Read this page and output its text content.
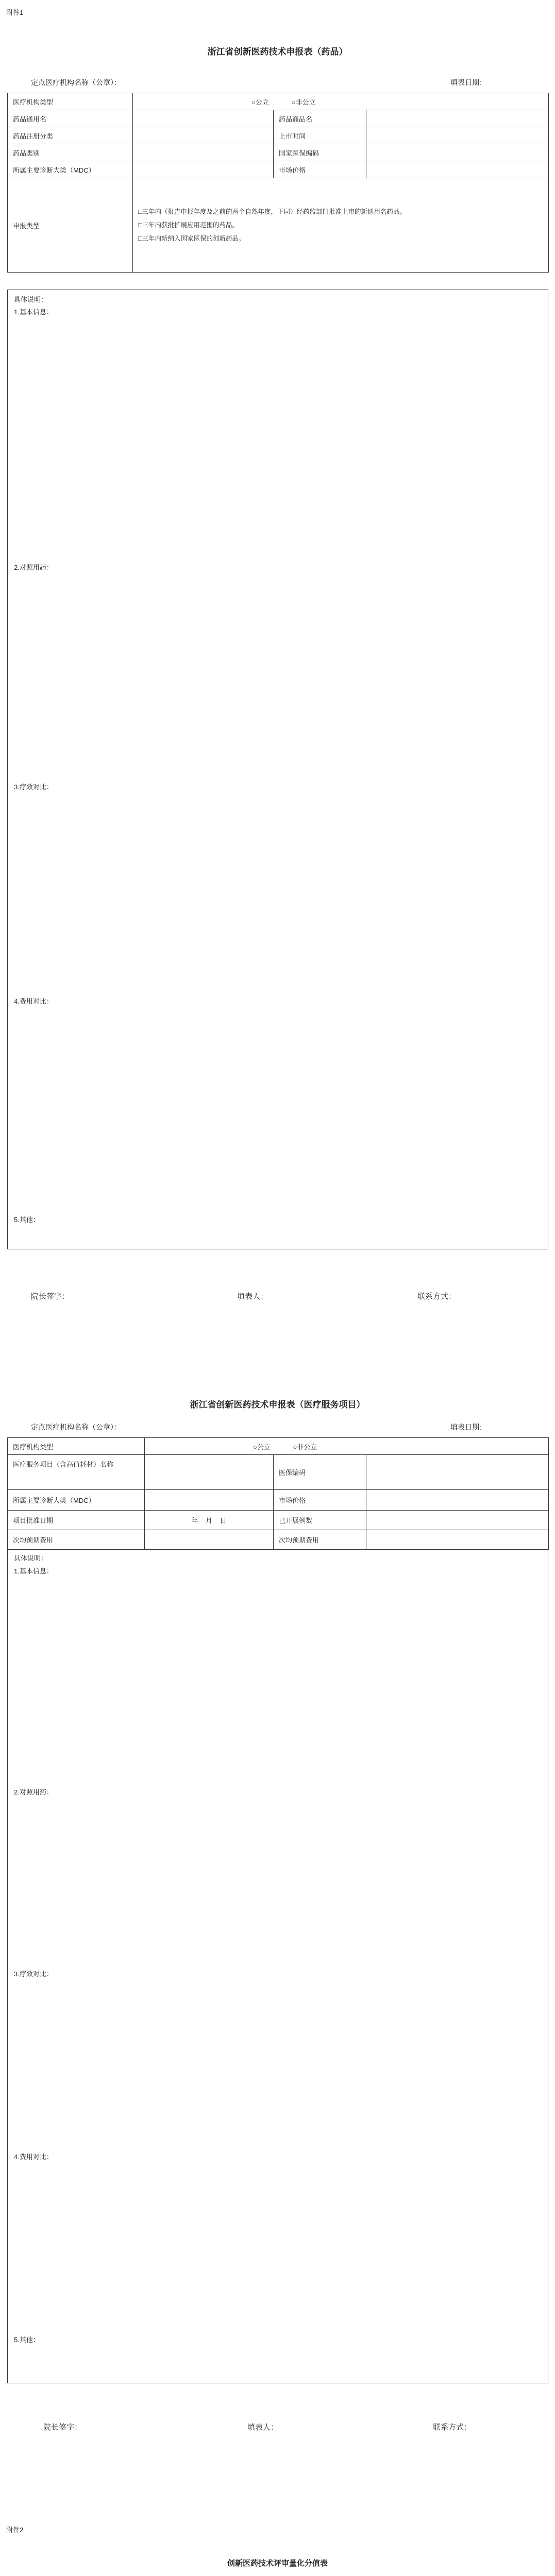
附件1
浙江省创新医药技术申报表（药品）
定点医疗机构名称（公章）：	填表日期:
医疗机构类型	○公立 ○非公立		
药品通用名		药品商品名	
药品注册分类		上市时间	
药品类别		国家医保编码	
所属主要诊断大类（MDC）		市场价格	
申报类型	□三年内（报告申报年度及之前的两个自然年度，下同）经药监部门批准上市的新通用名药品。
□三年内获批扩展应用范围的药品。
□三年内新纳入国家医保的创新药品。		
具体说明：
1.基本信息：
2.对照用药：
3.疗效对比：
4.费用对比：
5.其他：
院长签字：	填表人：	联系方式：
浙江省创新医药技术申报表（医疗服务项目）
定点医疗机构名称（公章）：	填表日期:
医疗机构类型	○公立 ○非公立		
医疗服务项目（含高值耗材）名称		医保编码	
所属主要诊断大类（MDC）		市场价格	
项目批准日期	年    月    日	已开展例数	
次均预期费用		次均预期费用	
具体说明：
1.基本信息：
2.对照用药：
3.疗效对比：
4.费用对比：
5.其他：
院长签字：	填表人：	联系方式：
附件2
创新医药技术评审量化分值表
